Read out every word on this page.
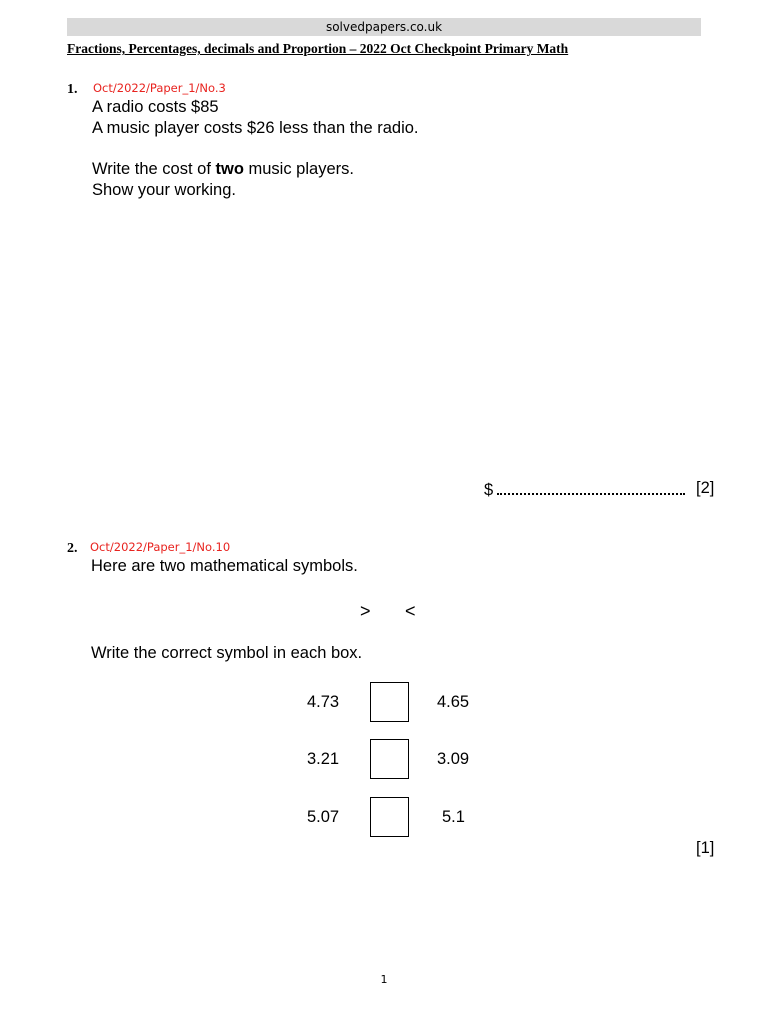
solvedpapers.co.uk
Fractions, Percentages, decimals and Proportion – 2022 Oct Checkpoint Primary Math
1. Oct/2022/Paper_1/No.3
A radio costs $85
A music player costs $26 less than the radio.
Write the cost of two music players.
Show your working.
$	[2]
2. Oct/2022/Paper_1/No.10
Here are two mathematical symbols.
> <
Write the correct symbol in each box.
4.73	4.65
3.21	3.09
5.07	5.1
[1]
1
